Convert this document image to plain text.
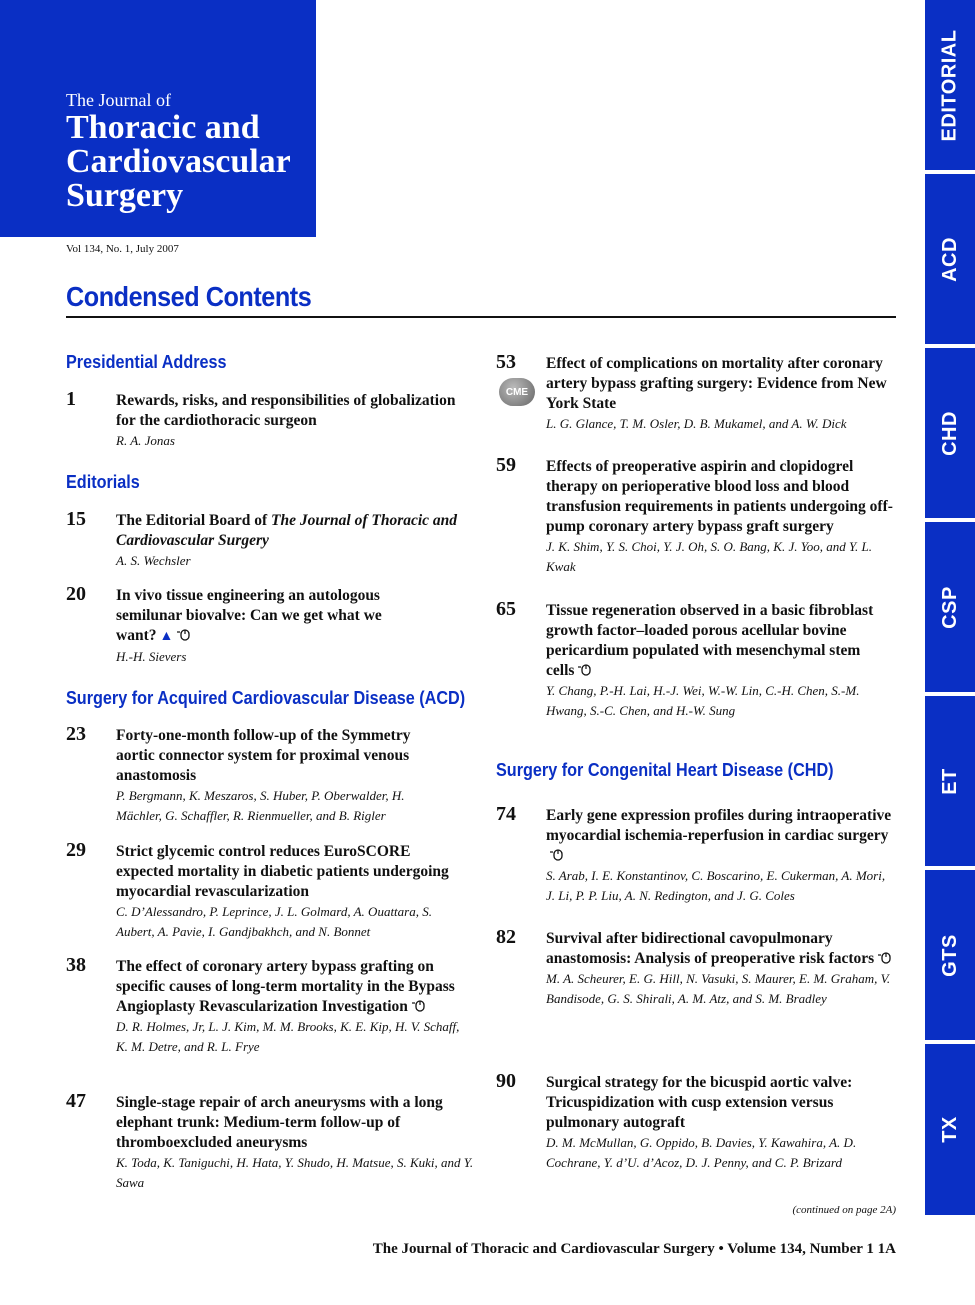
The Journal of
Thoracic and Cardiovascular Surgery
Vol 134, No. 1, July 2007
Condensed Contents
EDITORIAL
ACD
CHD
CSP
ET
GTS
TX
Presidential Address
1	Rewards, risks, and responsibilities of globalization for the cardiothoracic surgeon
R. A. Jonas
Editorials
15 The Editorial Board of The Journal of Thoracic and Cardiovascular Surgery
A. S. Wechsler
20 In vivo tissue engineering an autologous semilunar biovalve: Can we get what we want? ▲
H.-H. Sievers
Surgery for Acquired Cardiovascular Disease (ACD)
23 Forty-one-month follow-up of the Symmetry aortic connector system for proximal venous anastomosis
P. Bergmann, K. Meszaros, S. Huber, P. Oberwalder, H. Mächler, G. Schaffler, R. Rienmueller, and B. Rigler
29 Strict glycemic control reduces EuroSCORE expected mortality in diabetic patients undergoing myocardial revascularization
C. D’Alessandro, P. Leprince, J. L. Golmard, A. Ouattara, S. Aubert, A. Pavie, I. Gandjbakhch, and N. Bonnet
38 The effect of coronary artery bypass grafting on specific causes of long-term mortality in the Bypass Angioplasty Revascularization Investigation
D. R. Holmes, Jr, L. J. Kim, M. M. Brooks, K. E. Kip, H. V. Schaff, K. M. Detre, and R. L. Frye
47 Single-stage repair of arch aneurysms with a long elephant trunk: Medium-term follow-up of thromboexcluded aneurysms
K. Toda, K. Taniguchi, H. Hata, Y. Shudo, H. Matsue, S. Kuki, and Y. Sawa
53
CME
Effect of complications on mortality after coronary artery bypass grafting surgery: Evidence from New York State
L. G. Glance, T. M. Osler, D. B. Mukamel, and A. W. Dick
59 Effects of preoperative aspirin and clopidogrel therapy on perioperative blood loss and blood transfusion requirements in patients undergoing off-pump coronary artery bypass graft surgery
J. K. Shim, Y. S. Choi, Y. J. Oh, S. O. Bang, K. J. Yoo, and Y. L. Kwak
65 Tissue regeneration observed in a basic fibroblast growth factor–loaded porous acellular bovine pericardium populated with mesenchymal stem cells
Y. Chang, P.-H. Lai, H.-J. Wei, W.-W. Lin, C.-H. Chen, S.-M. Hwang, S.-C. Chen, and H.-W. Sung
Surgery for Congenital Heart Disease (CHD)
74 Early gene expression profiles during intraoperative myocardial ischemia-reperfusion in cardiac surgery
S. Arab, I. E. Konstantinov, C. Boscarino, E. Cukerman, A. Mori, J. Li, P. P. Liu, A. N. Redington, and J. G. Coles
82 Survival after bidirectional cavopulmonary anastomosis: Analysis of preoperative risk factors
M. A. Scheurer, E. G. Hill, N. Vasuki, S. Maurer, E. M. Graham, V. Bandisode, G. S. Shirali, A. M. Atz, and S. M. Bradley
90 Surgical strategy for the bicuspid aortic valve: Tricuspidization with cusp extension versus pulmonary autograft
D. M. McMullan, G. Oppido, B. Davies, Y. Kawahira, A. D. Cochrane, Y. d’U. d’Acoz, D. J. Penny, and C. P. Brizard
(continued on page 2A)
The Journal of Thoracic and Cardiovascular Surgery • Volume 134, Number 1 1A
